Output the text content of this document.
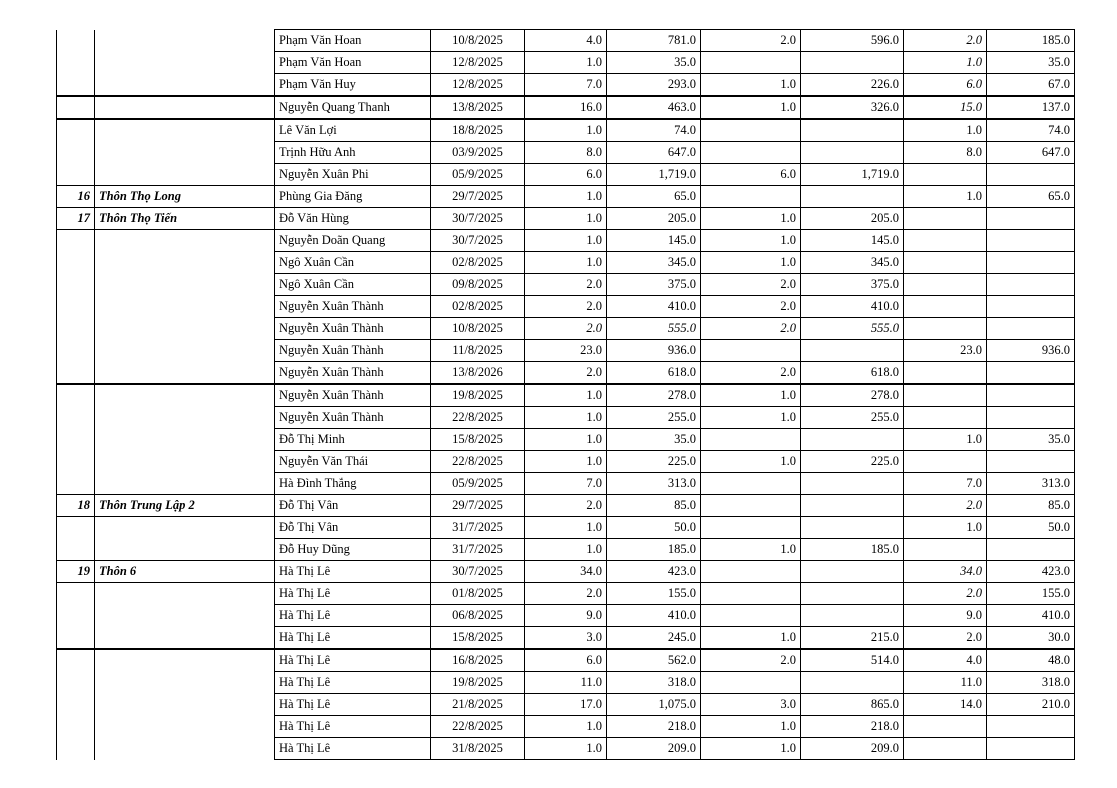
		Phạm Văn Hoan	10/8/2025	4.0	781.0	2.0	596.0	2.0	185.0
		Phạm Văn Hoan	12/8/2025	1.0	35.0			1.0	35.0
		Phạm Văn Huy	12/8/2025	7.0	293.0	1.0	226.0	6.0	67.0
		Nguyễn Quang Thanh	13/8/2025	16.0	463.0	1.0	326.0	15.0	137.0
		Lê Văn Lợi	18/8/2025	1.0	74.0			1.0	74.0
		Trịnh Hữu Anh	03/9/2025	8.0	647.0			8.0	647.0
		Nguyễn Xuân Phi	05/9/2025	6.0	1,719.0	6.0	1,719.0		
16	Thôn Thọ Long	Phùng Gia Đăng	29/7/2025	1.0	65.0			1.0	65.0
17	Thôn Thọ Tiến	Đỗ Văn Hùng	30/7/2025	1.0	205.0	1.0	205.0		
		Nguyễn Doãn Quang	30/7/2025	1.0	145.0	1.0	145.0		
		Ngô Xuân Cần	02/8/2025	1.0	345.0	1.0	345.0		
		Ngô Xuân Cần	09/8/2025	2.0	375.0	2.0	375.0		
		Nguyễn Xuân Thành	02/8/2025	2.0	410.0	2.0	410.0		
		Nguyễn Xuân Thành	10/8/2025	2.0	555.0	2.0	555.0		
		Nguyễn Xuân Thành	11/8/2025	23.0	936.0			23.0	936.0
		Nguyễn Xuân Thành	13/8/2026	2.0	618.0	2.0	618.0		
		Nguyễn Xuân Thành	19/8/2025	1.0	278.0	1.0	278.0		
		Nguyễn Xuân Thành	22/8/2025	1.0	255.0	1.0	255.0		
		Đỗ Thị Minh	15/8/2025	1.0	35.0			1.0	35.0
		Nguyễn Văn Thái	22/8/2025	1.0	225.0	1.0	225.0		
		Hà Đình Thắng	05/9/2025	7.0	313.0			7.0	313.0
18	Thôn Trung Lập 2	Đỗ Thị Vân	29/7/2025	2.0	85.0			2.0	85.0
		Đỗ Thị Vân	31/7/2025	1.0	50.0			1.0	50.0
		Đỗ Huy Dũng	31/7/2025	1.0	185.0	1.0	185.0		
19	Thôn 6	Hà Thị Lê	30/7/2025	34.0	423.0			34.0	423.0
		Hà Thị Lê	01/8/2025	2.0	155.0			2.0	155.0
		Hà Thị Lê	06/8/2025	9.0	410.0			9.0	410.0
		Hà Thị Lê	15/8/2025	3.0	245.0	1.0	215.0	2.0	30.0
		Hà Thị Lê	16/8/2025	6.0	562.0	2.0	514.0	4.0	48.0
		Hà Thị Lê	19/8/2025	11.0	318.0			11.0	318.0
		Hà Thị Lê	21/8/2025	17.0	1,075.0	3.0	865.0	14.0	210.0
		Hà Thị Lê	22/8/2025	1.0	218.0	1.0	218.0		
		Hà Thị Lê	31/8/2025	1.0	209.0	1.0	209.0		
